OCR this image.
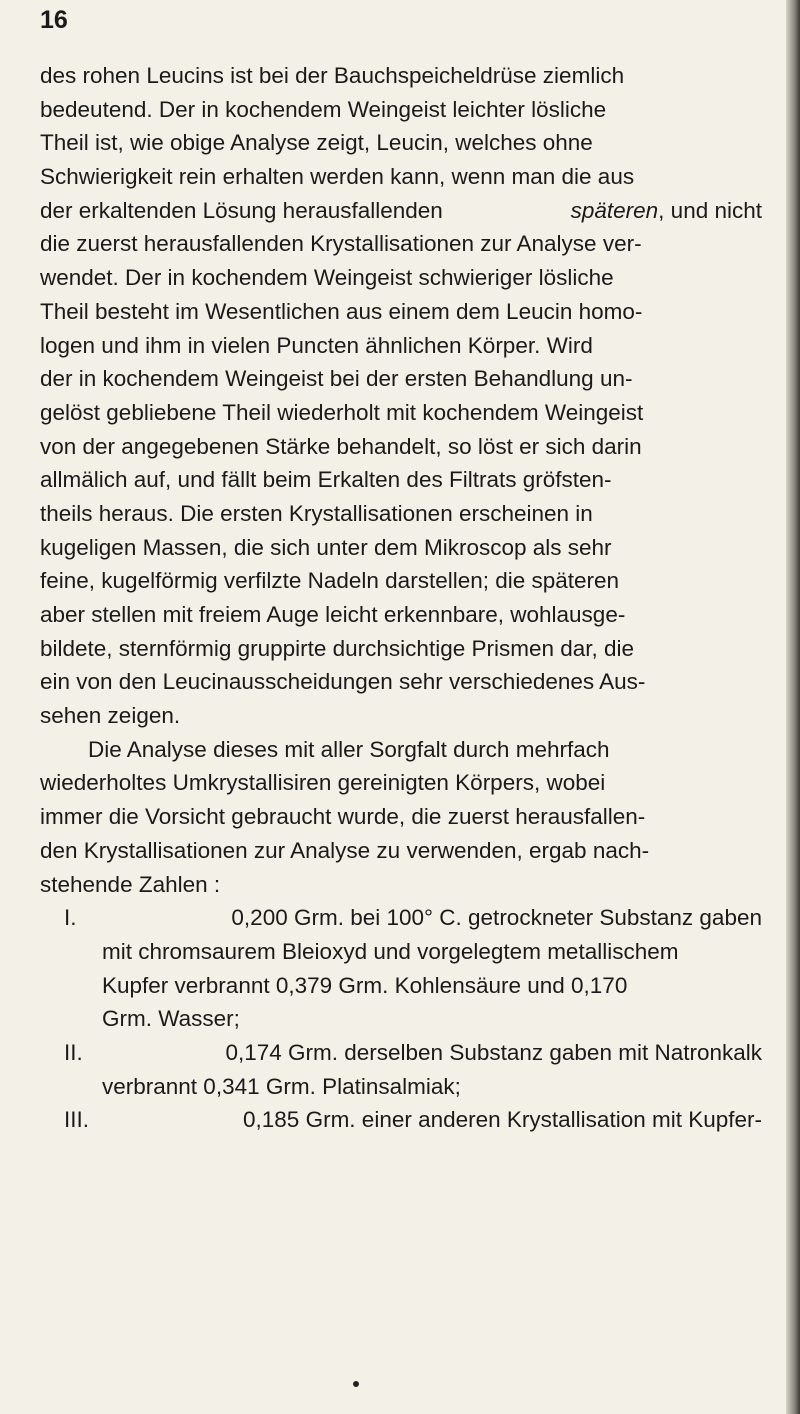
16
des rohen Leucins ist bei der Bauchspeicheldrüse ziemlich
bedeutend. Der in kochendem Weingeist leichter lösliche
Theil ist, wie obige Analyse zeigt, Leucin, welches ohne
Schwierigkeit rein erhalten werden kann, wenn man die aus
der erkaltenden Lösung herausfallenden	späteren, und nicht
die zuerst herausfallenden Krystallisationen zur Analyse ver-
wendet. Der in kochendem Weingeist schwieriger lösliche
Theil besteht im Wesentlichen aus einem dem Leucin homo-
logen und ihm in vielen Puncten ähnlichen Körper. Wird
der in kochendem Weingeist bei der ersten Behandlung un-
gelöst gebliebene Theil wiederholt mit kochendem Weingeist
von der angegebenen Stärke behandelt, so löst er sich darin
allmälich auf, und fällt beim Erkalten des Filtrats gröfsten-
theils heraus. Die ersten Krystallisationen erscheinen in
kugeligen Massen, die sich unter dem Mikroscop als sehr
feine, kugelförmig verfilzte Nadeln darstellen; die späteren
aber stellen mit freiem Auge leicht erkennbare, wohlausge-
bildete, sternförmig gruppirte durchsichtige Prismen dar, die
ein von den Leucinausscheidungen sehr verschiedenes Aus-
sehen zeigen.
Die Analyse dieses mit aller Sorgfalt durch mehrfach
wiederholtes Umkrystallisiren gereinigten Körpers, wobei
immer die Vorsicht gebraucht wurde, die zuerst herausfallen-
den Krystallisationen zur Analyse zu verwenden, ergab nach-
stehende Zahlen :
I.	0,200 Grm. bei 100° C. getrockneter Substanz gaben
mit chromsaurem Bleioxyd und vorgelegtem metallischem
Kupfer verbrannt 0,379 Grm. Kohlensäure und 0,170
Grm. Wasser;
II.	0,174 Grm. derselben Substanz gaben mit Natronkalk
verbrannt 0,341 Grm. Platinsalmiak;
III.	0,185 Grm. einer anderen Krystallisation mit Kupfer-
